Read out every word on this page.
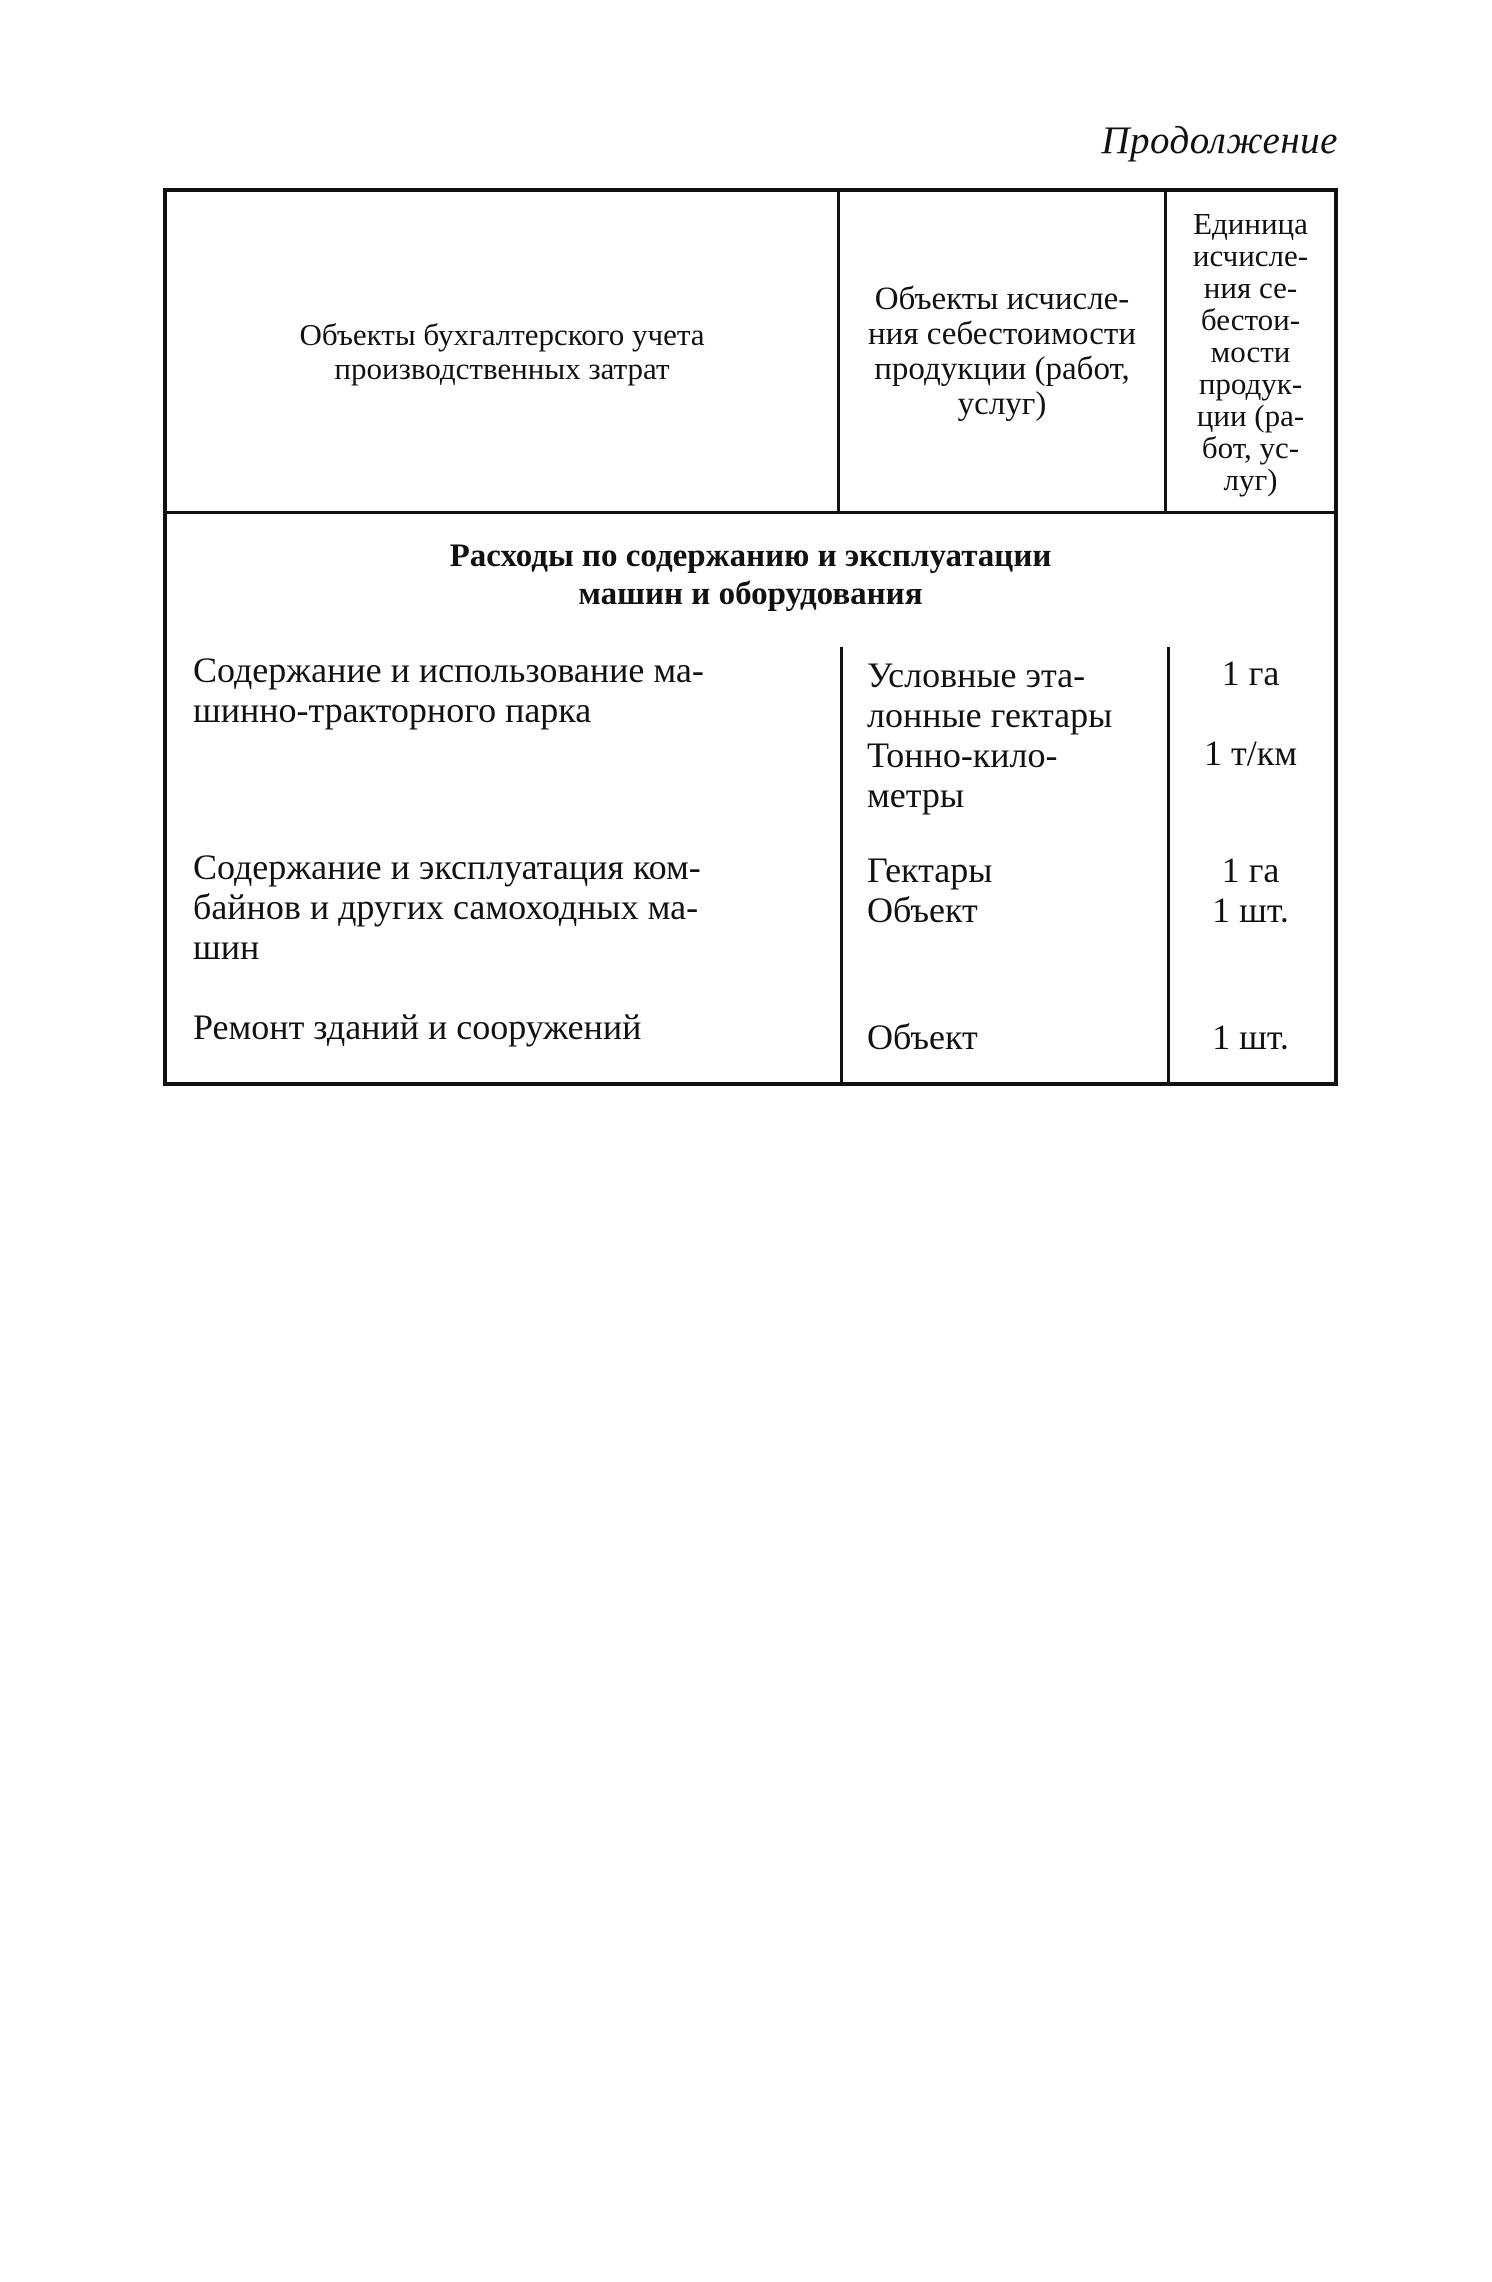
Продолжение
Объекты бухгалтерского учета
производственных затрат
Объекты исчисле-
ния себестоимости
продукции (работ,
услуг)
Единица
исчисле-
ния се-
бестои-
мости
продук-
ции (ра-
бот, ус-
луг)
Расходы по содержанию и эксплуатации
машин и оборудования
Содержание и использование ма-
шинно-тракторного парка
Условные эта-
лонные гектары
Тонно-кило-
метры
1 га
1 т/км
Содержание и эксплуатация ком-
байнов и других самоходных ма-
шин
Гектары
Объект
1 га
1 шт.
Ремонт зданий и сооружений	Объект	1 шт.
